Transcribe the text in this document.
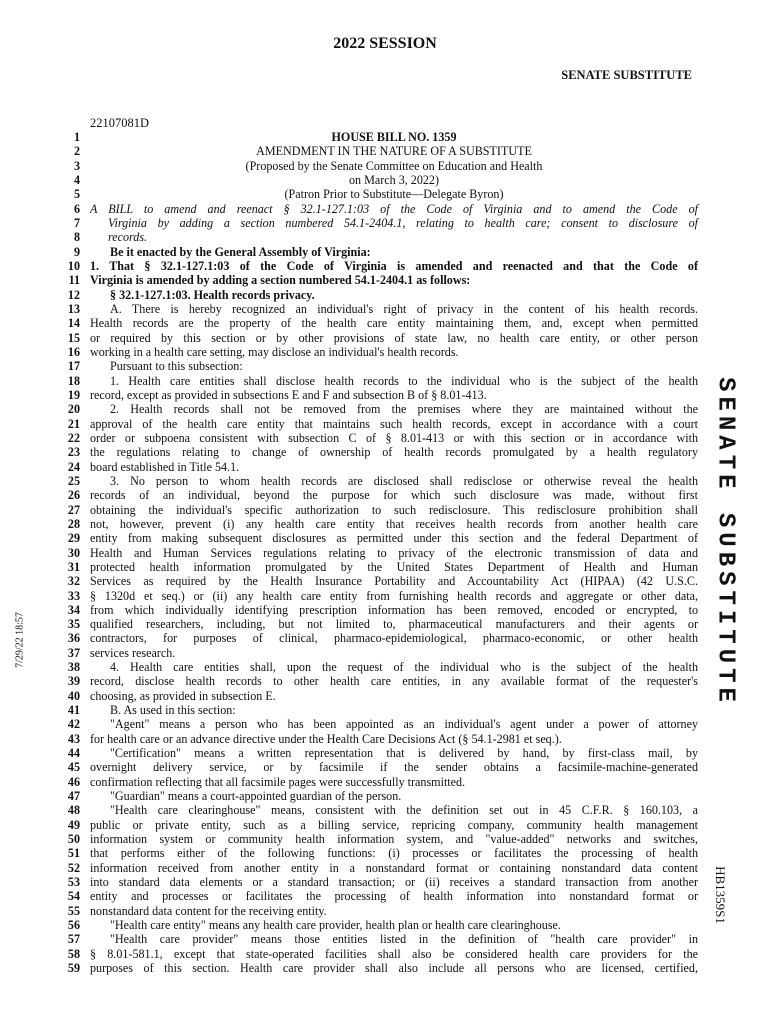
2022 SESSION
SENATE SUBSTITUTE
22107081D
1	HOUSE BILL NO. 1359
2	AMENDMENT IN THE NATURE OF A SUBSTITUTE
3	(Proposed by the Senate Committee on Education and Health
4	on March 3, 2022)
5	(Patron Prior to Substitute—Delegate Byron)
6 A BILL to amend and reenact § 32.1-127.1:03 of the Code of Virginia and to amend the Code of
7	Virginia by adding a section numbered 54.1-2404.1, relating to health care; consent to disclosure of
8	records.
9	Be it enacted by the General Assembly of Virginia:
10 1. That § 32.1-127.1:03 of the Code of Virginia is amended and reenacted and that the Code of
11 Virginia is amended by adding a section numbered 54.1-2404.1 as follows:
12	§ 32.1-127.1:03. Health records privacy.
13	A. There is hereby recognized an individual's right of privacy in the content of his health records.
14 Health records are the property of the health care entity maintaining them, and, except when permitted
15 or required by this section or by other provisions of state law, no health care entity, or other person
16 working in a health care setting, may disclose an individual's health records.
17	Pursuant to this subsection:
18	1. Health care entities shall disclose health records to the individual who is the subject of the health
19 record, except as provided in subsections E and F and subsection B of § 8.01-413.
20	2. Health records shall not be removed from the premises where they are maintained without the
21 approval of the health care entity that maintains such health records, except in accordance with a court
22 order or subpoena consistent with subsection C of § 8.01-413 or with this section or in accordance with
23 the regulations relating to change of ownership of health records promulgated by a health regulatory
24 board established in Title 54.1.
25	3. No person to whom health records are disclosed shall redisclose or otherwise reveal the health
26 records of an individual, beyond the purpose for which such disclosure was made, without first
27 obtaining the individual's specific authorization to such redisclosure. This redisclosure prohibition shall
28 not, however, prevent (i) any health care entity that receives health records from another health care
29 entity from making subsequent disclosures as permitted under this section and the federal Department of
30 Health and Human Services regulations relating to privacy of the electronic transmission of data and
31 protected health information promulgated by the United States Department of Health and Human
32 Services as required by the Health Insurance Portability and Accountability Act (HIPAA) (42 U.S.C.
33 § 1320d et seq.) or (ii) any health care entity from furnishing health records and aggregate or other data,
34 from which individually identifying prescription information has been removed, encoded or encrypted, to
35 qualified researchers, including, but not limited to, pharmaceutical manufacturers and their agents or
36 contractors, for purposes of clinical, pharmaco-epidemiological, pharmaco-economic, or other health
37 services research.
38	4. Health care entities shall, upon the request of the individual who is the subject of the health
39 record, disclose health records to other health care entities, in any available format of the requester's
40 choosing, as provided in subsection E.
41	B. As used in this section:
42	"Agent" means a person who has been appointed as an individual's agent under a power of attorney
43 for health care or an advance directive under the Health Care Decisions Act (§ 54.1-2981 et seq.).
44	"Certification" means a written representation that is delivered by hand, by first-class mail, by
45 overnight delivery service, or by facsimile if the sender obtains a facsimile-machine-generated
46 confirmation reflecting that all facsimile pages were successfully transmitted.
47	"Guardian" means a court-appointed guardian of the person.
48	"Health care clearinghouse" means, consistent with the definition set out in 45 C.F.R. § 160.103, a
49 public or private entity, such as a billing service, repricing company, community health management
50 information system or community health information system, and "value-added" networks and switches,
51 that performs either of the following functions: (i) processes or facilitates the processing of health
52 information received from another entity in a nonstandard format or containing nonstandard data content
53 into standard data elements or a standard transaction; or (ii) receives a standard transaction from another
54 entity and processes or facilitates the processing of health information into nonstandard format or
55 nonstandard data content for the receiving entity.
56	"Health care entity" means any health care provider, health plan or health care clearinghouse.
57	"Health care provider" means those entities listed in the definition of "health care provider" in
58 § 8.01-581.1, except that state-operated facilities shall also be considered health care providers for the
59 purposes of this section. Health care provider shall also include all persons who are licensed, certified,
SENATE SUBSTITUTE
HB1359S1
7/29/22 18:57
